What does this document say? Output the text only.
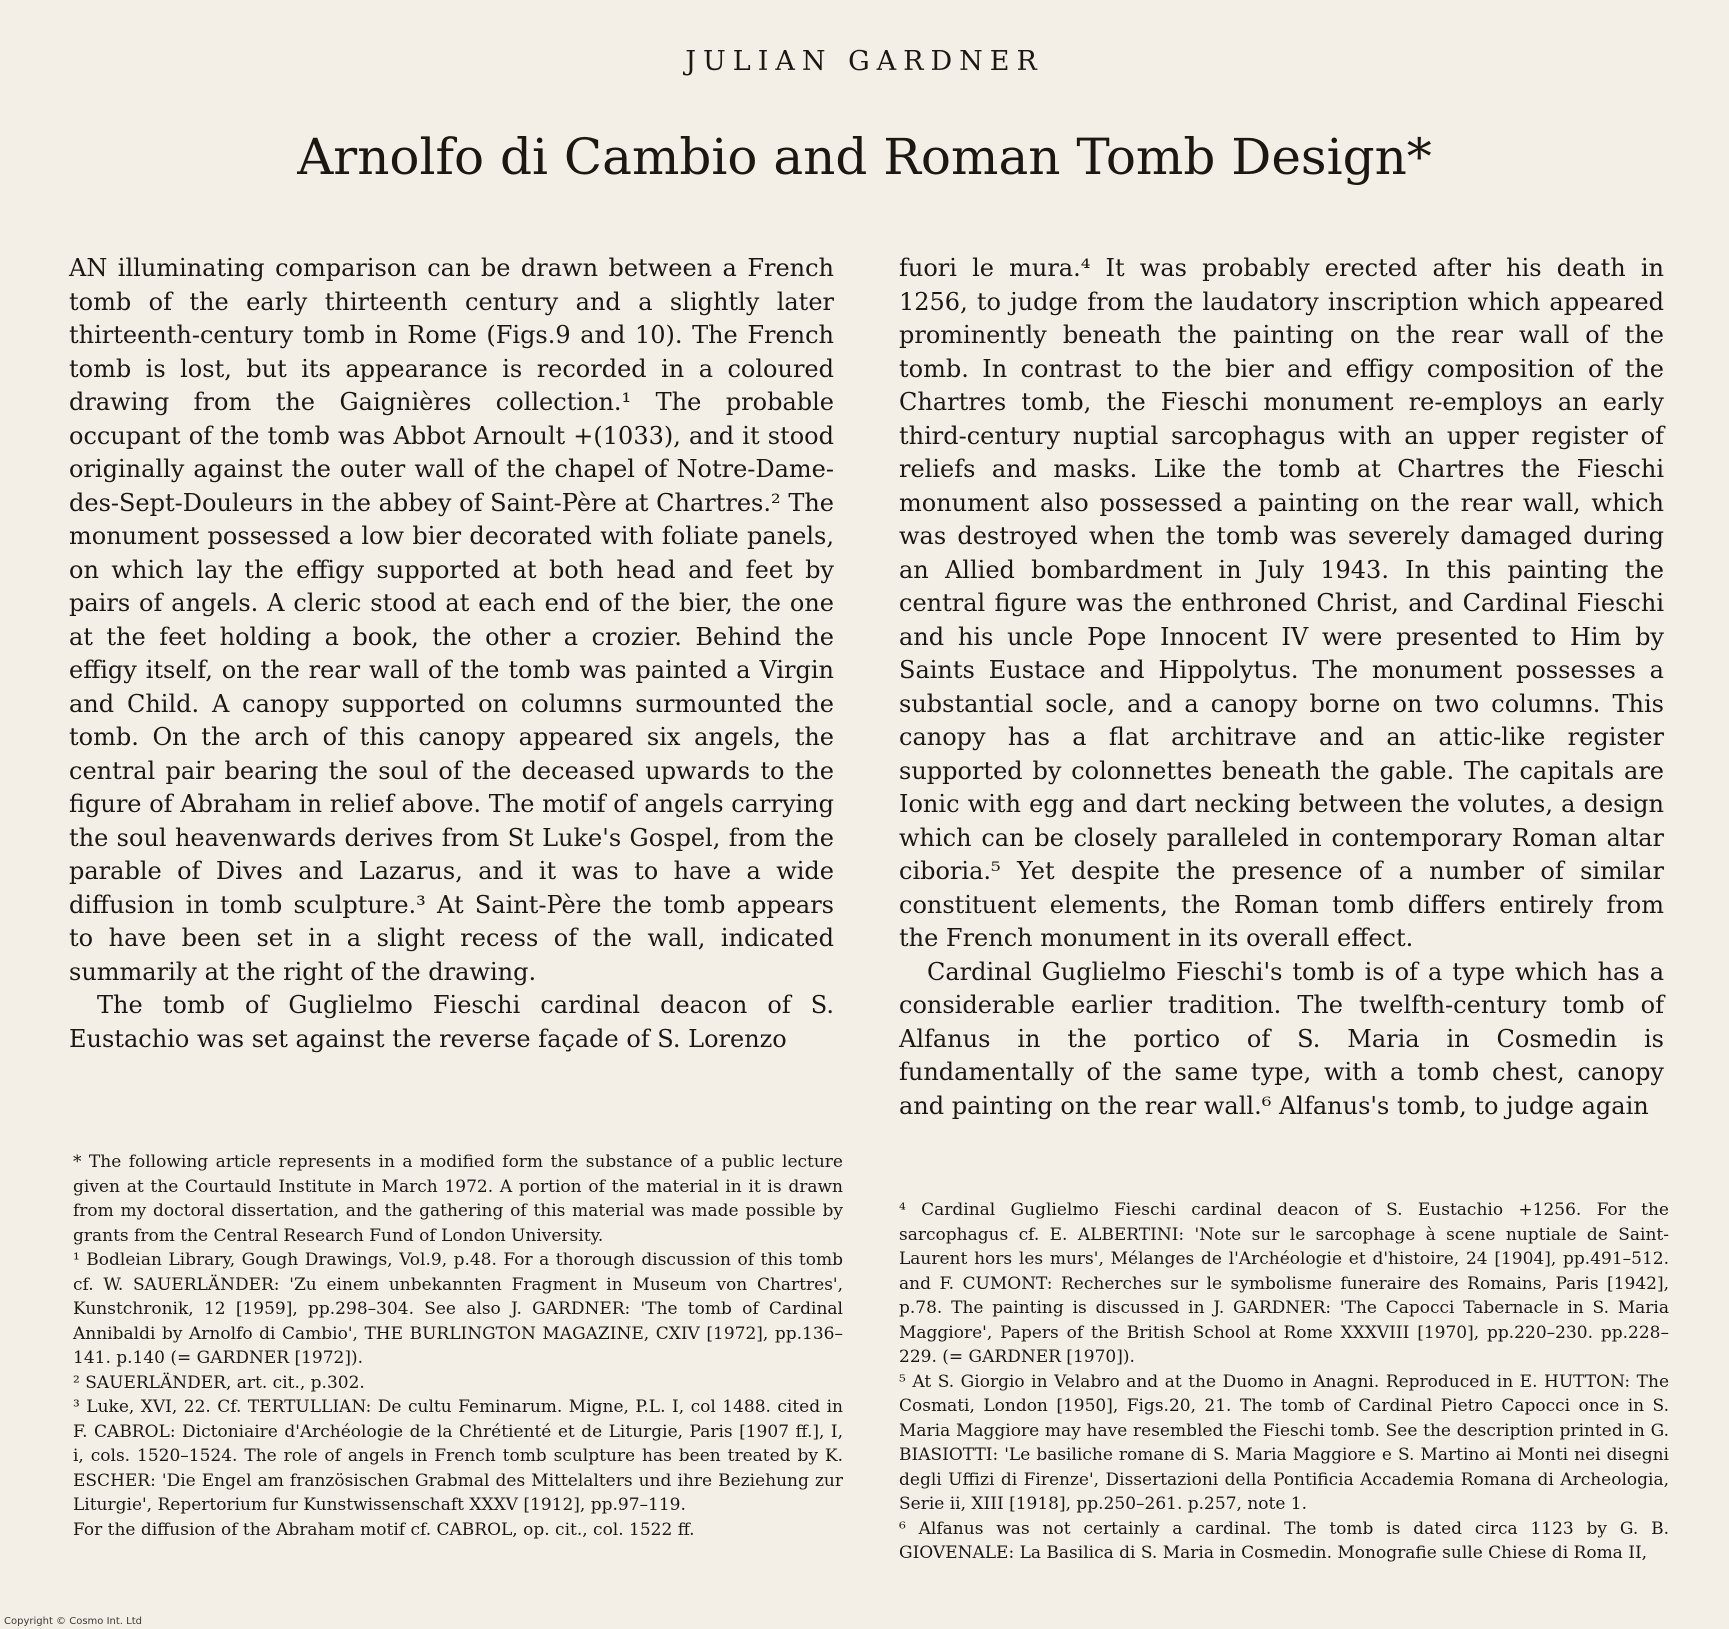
JULIAN GARDNER
Arnolfo di Cambio and Roman Tomb Design*

AN illuminating comparison can be drawn between a French tomb of the early thirteenth century and a slightly later thirteenth-century tomb in Rome (Figs.9 and 10). The French tomb is lost, but its appearance is recorded in a coloured drawing from the Gaignières collection.¹ The probable occupant of the tomb was Abbot Arnoult +(1033), and it stood originally against the outer wall of the chapel of Notre-Dame-des-Sept-Douleurs in the abbey of Saint-Père at Chartres.² The monument possessed a low bier decorated with foliate panels, on which lay the effigy supported at both head and feet by pairs of angels. A cleric stood at each end of the bier, the one at the feet holding a book, the other a crozier. Behind the effigy itself, on the rear wall of the tomb was painted a Virgin and Child. A canopy supported on columns surmounted the tomb. On the arch of this canopy appeared six angels, the central pair bearing the soul of the deceased upwards to the figure of Abraham in relief above. The motif of angels carrying the soul heavenwards derives from St Luke's Gospel, from the parable of Dives and Lazarus, and it was to have a wide diffusion in tomb sculpture.³ At Saint-Père the tomb appears to have been set in a slight recess of the wall, indicated summarily at the right of the drawing.

The tomb of Guglielmo Fieschi cardinal deacon of S. Eustachio was set against the reverse façade of S. Lorenzo

fuori le mura.⁴ It was probably erected after his death in 1256, to judge from the laudatory inscription which appeared prominently beneath the painting on the rear wall of the tomb. In contrast to the bier and effigy composition of the Chartres tomb, the Fieschi monument re-employs an early third-century nuptial sarcophagus with an upper register of reliefs and masks. Like the tomb at Chartres the Fieschi monument also possessed a painting on the rear wall, which was destroyed when the tomb was severely damaged during an Allied bombardment in July 1943. In this painting the central figure was the enthroned Christ, and Cardinal Fieschi and his uncle Pope Innocent IV were presented to Him by Saints Eustace and Hippolytus. The monument possesses a substantial socle, and a canopy borne on two columns. This canopy has a flat architrave and an attic-like register supported by colonnettes beneath the gable. The capitals are Ionic with egg and dart necking between the volutes, a design which can be closely paralleled in contemporary Roman altar ciboria.⁵ Yet despite the presence of a number of similar constituent elements, the Roman tomb differs entirely from the French monument in its overall effect.

Cardinal Guglielmo Fieschi's tomb is of a type which has a considerable earlier tradition. The twelfth-century tomb of Alfanus in the portico of S. Maria in Cosmedin is fundamentally of the same type, with a tomb chest, canopy and painting on the rear wall.⁶ Alfanus's tomb, to judge again

* The following article represents in a modified form the substance of a public lecture given at the Courtauld Institute in March 1972. A portion of the material in it is drawn from my doctoral dissertation, and the gathering of this material was made possible by grants from the Central Research Fund of London University.

¹ Bodleian Library, Gough Drawings, Vol.9, p.48. For a thorough discussion of this tomb cf. W. SAUERLÄNDER: 'Zu einem unbekannten Fragment in Museum von Chartres', Kunstchronik, 12 [1959], pp.298–304. See also J. GARDNER: 'The tomb of Cardinal Annibaldi by Arnolfo di Cambio', THE BURLINGTON MAGAZINE, CXIV [1972], pp.136–141. p.140 (= GARDNER [1972]).

² SAUERLÄNDER, art. cit., p.302.

³ Luke, XVI, 22. Cf. TERTULLIAN: De cultu Feminarum. Migne, P.L. I, col 1488. cited in F. CABROL: Dictoniaire d'Archéologie de la Chrétienté et de Liturgie, Paris [1907 ff.], I, i, cols. 1520–1524. The role of angels in French tomb sculpture has been treated by K. ESCHER: 'Die Engel am französischen Grabmal des Mittelalters und ihre Beziehung zur Liturgie', Repertorium fur Kunstwissenschaft XXXV [1912], pp.97–119.

For the diffusion of the Abraham motif cf. CABROL, op. cit., col. 1522 ff.

⁴ Cardinal Guglielmo Fieschi cardinal deacon of S. Eustachio +1256. For the sarcophagus cf. E. ALBERTINI: 'Note sur le sarcophage à scene nuptiale de Saint-Laurent hors les murs', Mélanges de l'Archéologie et d'histoire, 24 [1904], pp.491–512. and F. CUMONT: Recherches sur le symbolisme funeraire des Romains, Paris [1942], p.78. The painting is discussed in J. GARDNER: 'The Capocci Tabernacle in S. Maria Maggiore', Papers of the British School at Rome XXXVIII [1970], pp.220–230. pp.228–229. (= GARDNER [1970]).

⁵ At S. Giorgio in Velabro and at the Duomo in Anagni. Reproduced in E. HUTTON: The Cosmati, London [1950], Figs.20, 21. The tomb of Cardinal Pietro Capocci once in S. Maria Maggiore may have resembled the Fieschi tomb. See the description printed in G. BIASIOTTI: 'Le basiliche romane di S. Maria Maggiore e S. Martino ai Monti nei disegni degli Uffizi di Firenze', Dissertazioni della Pontificia Accademia Romana di Archeologia, Serie ii, XIII [1918], pp.250–261. p.257, note 1.

⁶ Alfanus was not certainly a cardinal. The tomb is dated circa 1123 by G. B. GIOVENALE: La Basilica di S. Maria in Cosmedin. Monografie sulle Chiese di Roma II,

Copyright © Cosmo Int. Ltd
